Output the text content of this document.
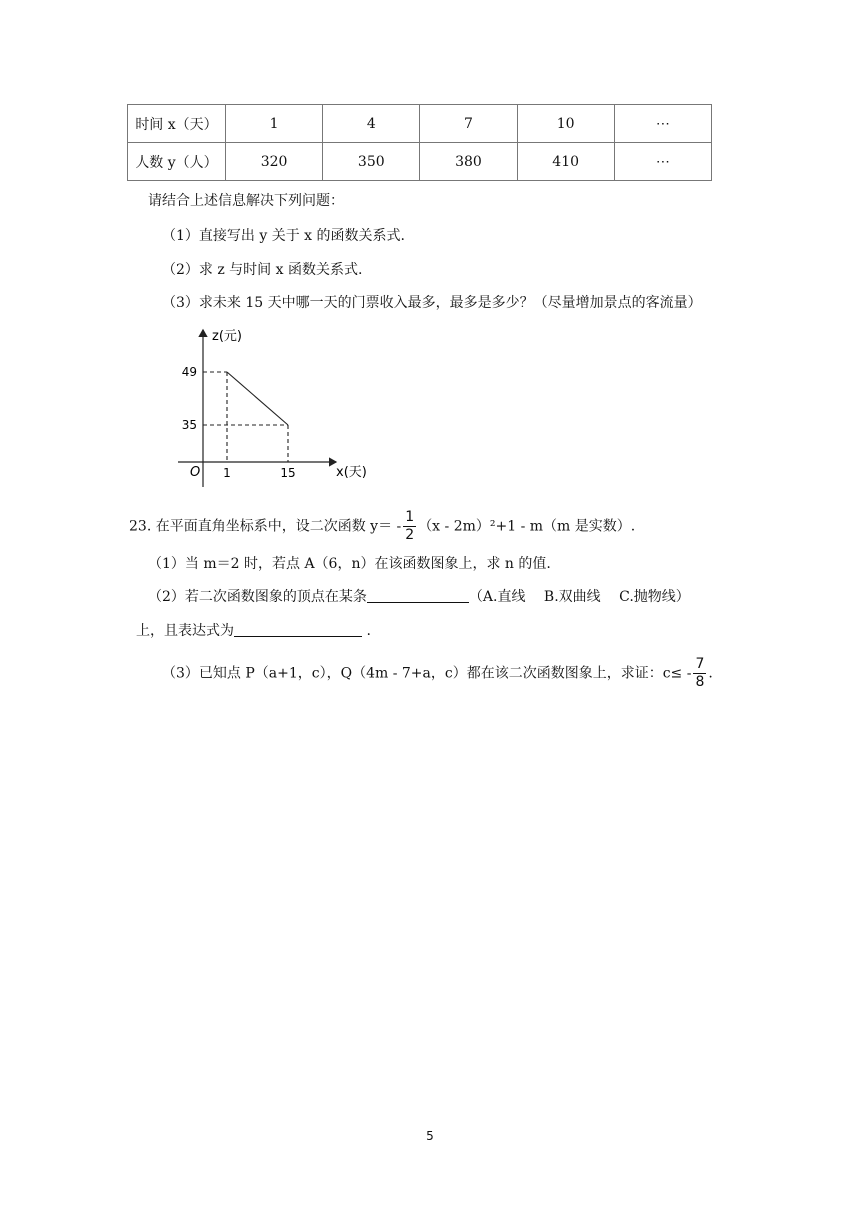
时间 x（天）	1	4	7	10	⋯
人数 y（人）	320	350	380	410	⋯
请结合上述信息解决下列问题：
（1）直接写出 y 关于 x 的函数关系式.
（2）求 z 与时间 x 函数关系式.
（3）求未来 15 天中哪一天的门票收入最多，最多是多少？（尽量增加景点的客流量）
1
49
15
35
z(元)
x(天)
O
23. 在平面直角坐标系中，设二次函数 $y= - \frac{1}{2} (x - 2m)^2+1 - m(m$ 是实数）.
（1）当 m＝2 时，若点 A（6，n）在该函数图象上，求 n 的值.
（2）若二次函数图象的顶点在某条	（A.直线　 B.双曲线　 C.抛物线）
上，且表达式为	.
（3）已知点 P（a+1，c），Q（4m - 7+a，c）都在该二次函数图象上，求证：$c\le - \frac{7}{8}$ .
5
